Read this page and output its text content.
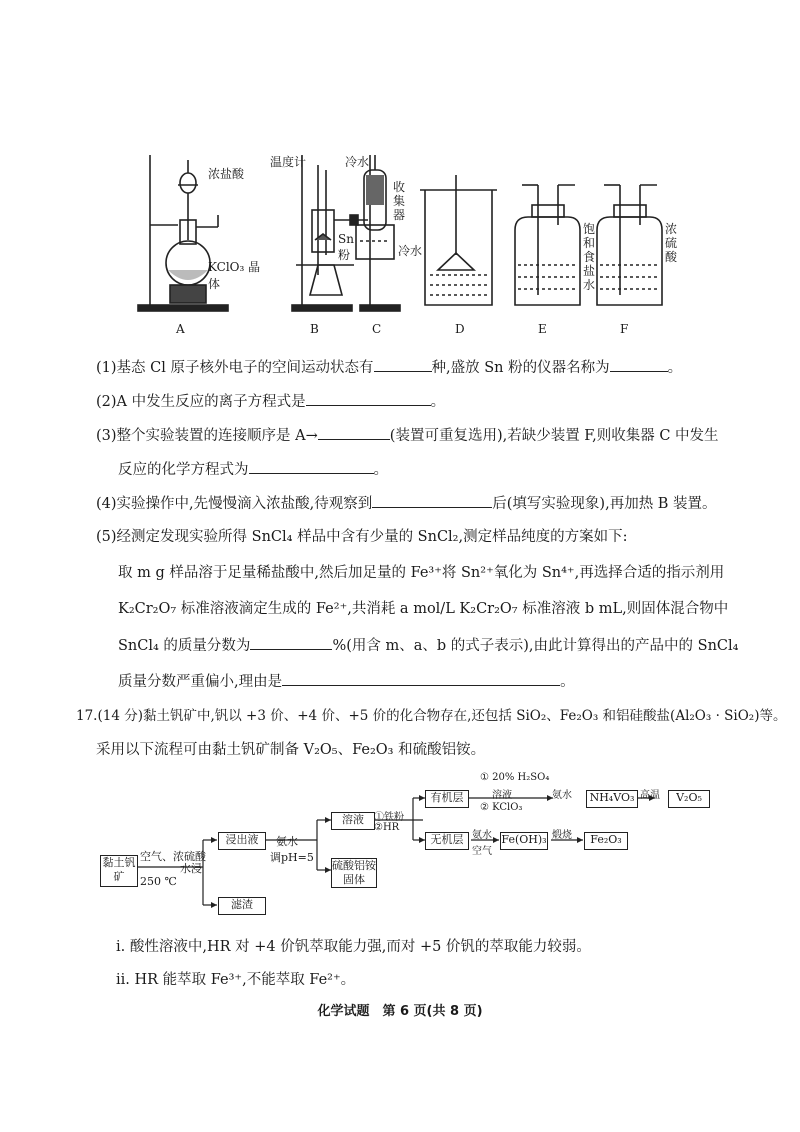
浓盐酸
KClO₃ 晶体
温度计
Sn 粉
冷水
收集器
冷水
饱和食盐水
浓硫酸
A	B	C	D	E	F
(1)基态 Cl 原子核外电子的空间运动状态有	种,盛放 Sn 粉的仪器名称为	。
(2)A 中发生反应的离子方程式是	。
(3)整个实验装置的连接顺序是 A→	(装置可重复选用),若缺少装置 F,则收集器 C 中发生
反应的化学方程式为	。
(4)实验操作中,先慢慢滴入浓盐酸,待观察到	后(填写实验现象),再加热 B 装置。
(5)经测定发现实验所得 SnCl₄ 样品中含有少量的 SnCl₂,测定样品纯度的方案如下:
取 m g 样品溶于足量稀盐酸中,然后加足量的 Fe³⁺将 Sn²⁺氧化为 Sn⁴⁺,再选择合适的指示剂用
K₂Cr₂O₇ 标准溶液滴定生成的 Fe²⁺,共消耗 a mol/L K₂Cr₂O₇ 标准溶液 b mL,则固体混合物中
SnCl₄ 的质量分数为	%(用含 m、a、b 的式子表示),由此计算得出的产品中的 SnCl₄
质量分数严重偏小,理由是	。
17.(14 分)黏土钒矿中,钒以 +3 价、+4 价、+5 价的化合物存在,还包括 SiO₂、Fe₂O₃ 和铝硅酸盐(Al₂O₃ · SiO₂)等。
采用以下流程可由黏土钒矿制备 V₂O₅、Fe₂O₃ 和硫酸铝铵。
黏土钒矿
空气、浓硫酸
250 ℃
水浸
浸出液
滤渣
氨水
调pH=5
溶液
硫酸铝铵固体
①铁粉
②HR
有机层
无机层
① 20% H₂SO₄
溶液
② KClO₃
氨水	NH₄VO₃ 高温	V₂O₅
氨水
空气
Fe(OH)₃ 煅烧	Fe₂O₃
ⅰ. 酸性溶液中,HR 对 +4 价钒萃取能力强,而对 +5 价钒的萃取能力较弱。
ⅱ. HR 能萃取 Fe³⁺,不能萃取 Fe²⁺。
化学试题　第 6 页(共 8 页)
